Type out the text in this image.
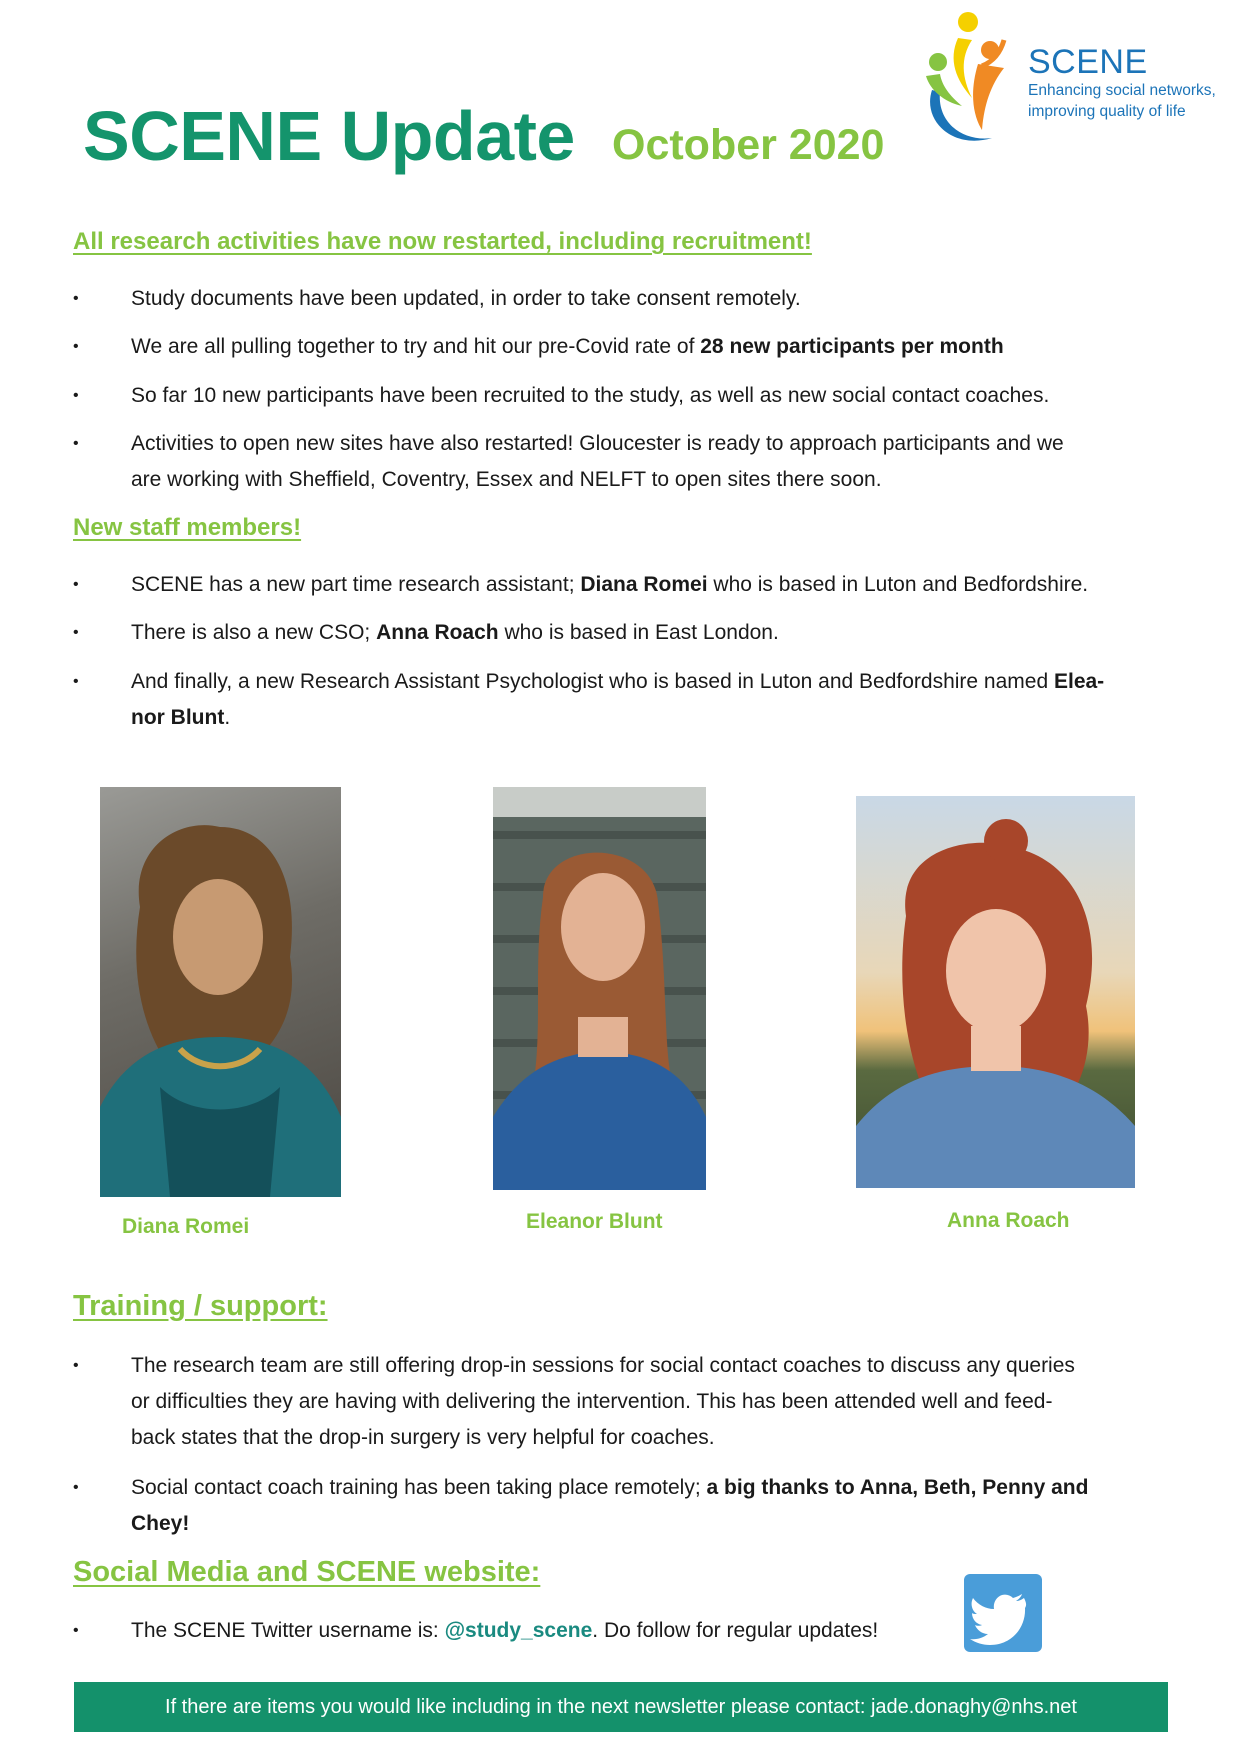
SCENE Update October 2020
SCENE
Enhancing social networks,
improving quality of life
All research activities have now restarted, including recruitment!
•	Study documents have been updated, in order to take consent remotely.
•	We are all pulling together to try and hit our pre-Covid rate of 28 new participants per month
•	So far 10 new participants have been recruited to the study, as well as new social contact coaches.
•	Activities to open new sites have also restarted! Gloucester is ready to approach participants and we
are working with Sheffield, Coventry, Essex and NELFT to open sites there soon.
New staff members!
•	SCENE has a new part time research assistant; Diana Romei who is based in Luton and Bedfordshire.
•	There is also a new CSO; Anna Roach who is based in East London.
•	And finally, a new Research Assistant Psychologist who is based in Luton and Bedfordshire named Elea-
nor Blunt.
Diana Romei	Eleanor Blunt	Anna Roach
Training / support:
•	The research team are still offering drop-in sessions for social contact coaches to discuss any queries
or difficulties they are having with delivering the intervention. This has been attended well and feed-
back states that the drop-in surgery is very helpful for coaches.
•	Social contact coach training has been taking place remotely; a big thanks to Anna, Beth, Penny and
Chey!
Social Media and SCENE website:
•	The SCENE Twitter username is: @study_scene. Do follow for regular updates!
If there are items you would like including in the next newsletter please contact: jade.donaghy@nhs.net
